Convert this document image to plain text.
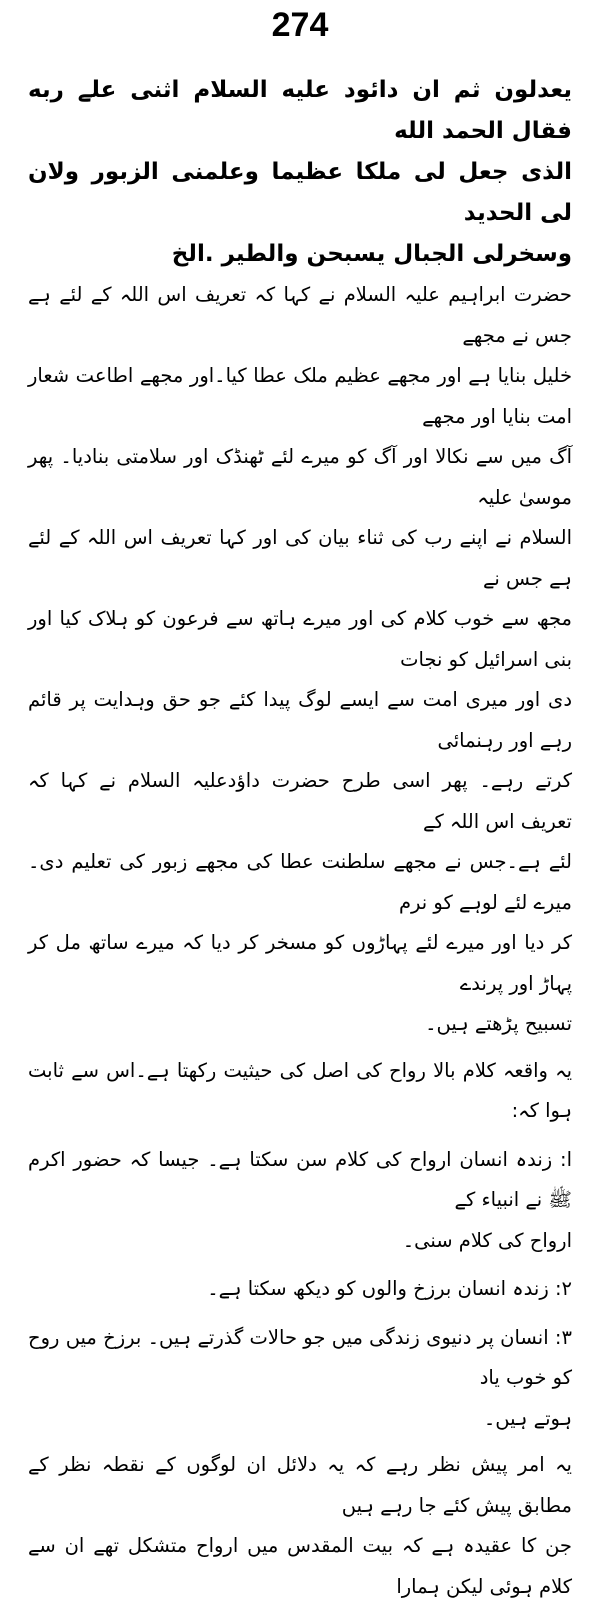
274

يعدلون ثم ان دائود عليه السلام اثنى علے ربه فقال الحمد الله

الذى جعل لى ملكا عظيما وعلمنى الزبور ولان لى الحديد

وسخرلى الجبال يسبحن والطير .الخ

حضرت ابراہیم علیہ السلام نے کہا کہ تعریف اس اللہ کے لئے ہے جس نے مجھے

خلیل بنایا ہے اور مجھے عظیم ملک عطا کیا۔اور مجھے اطاعت شعار امت بنایا اور مجھے

آگ میں سے نکالا اور آگ کو میرے لئے ٹھنڈک اور سلامتی بنادیا۔ پھر موسیٰ علیہ

السلام نے اپنے رب کی ثناء بیان کی اور کہا تعریف اس اللہ کے لئے ہے جس نے

مجھ سے خوب کلام کی اور میرے ہاتھ سے فرعون کو ہلاک کیا اور بنی اسرائیل کو نجات

دی اور میری امت سے ایسے لوگ پیدا کئے جو حق وہدایت پر قائم رہے اور رہنمائی

کرتے رہے۔ پھر اسی طرح حضرت داؤدعلیہ السلام نے کہا کہ تعریف اس اللہ کے

لئے ہے۔جس نے مجھے سلطنت عطا کی مجھے زبور کی تعلیم دی۔ میرے لئے لوہے کو نرم

کر دیا اور میرے لئے پہاڑوں کو مسخر کر دیا کہ میرے ساتھ مل کر پہاڑ اور پرندے

تسبیح پڑھتے ہیں۔

یہ واقعہ کلام بالا رواح کی اصل کی حیثیت رکھتا ہے۔اس سے ثابت ہوا کہ:

ا: زندہ انسان ارواح کی کلام سن سکتا ہے۔ جیسا کہ حضور اکرم ﷺ نے انبیاء کے

ارواح کی کلام سنی۔

۲: زندہ انسان برزخ والوں کو دیکھ سکتا ہے۔

۳: انسان پر دنیوی زندگی میں جو حالات گذرتے ہیں۔ برزخ میں روح کو خوب یاد

ہوتے ہیں۔

یہ امر پیش نظر رہے کہ یہ دلائل ان لوگوں کے نقطہ نظر کے مطابق پیش کئے جا رہے ہیں

جن کا عقیدہ ہے کہ بیت المقدس میں ارواح متشکل تھے ان سے کلام ہوئی لیکن ہمارا
